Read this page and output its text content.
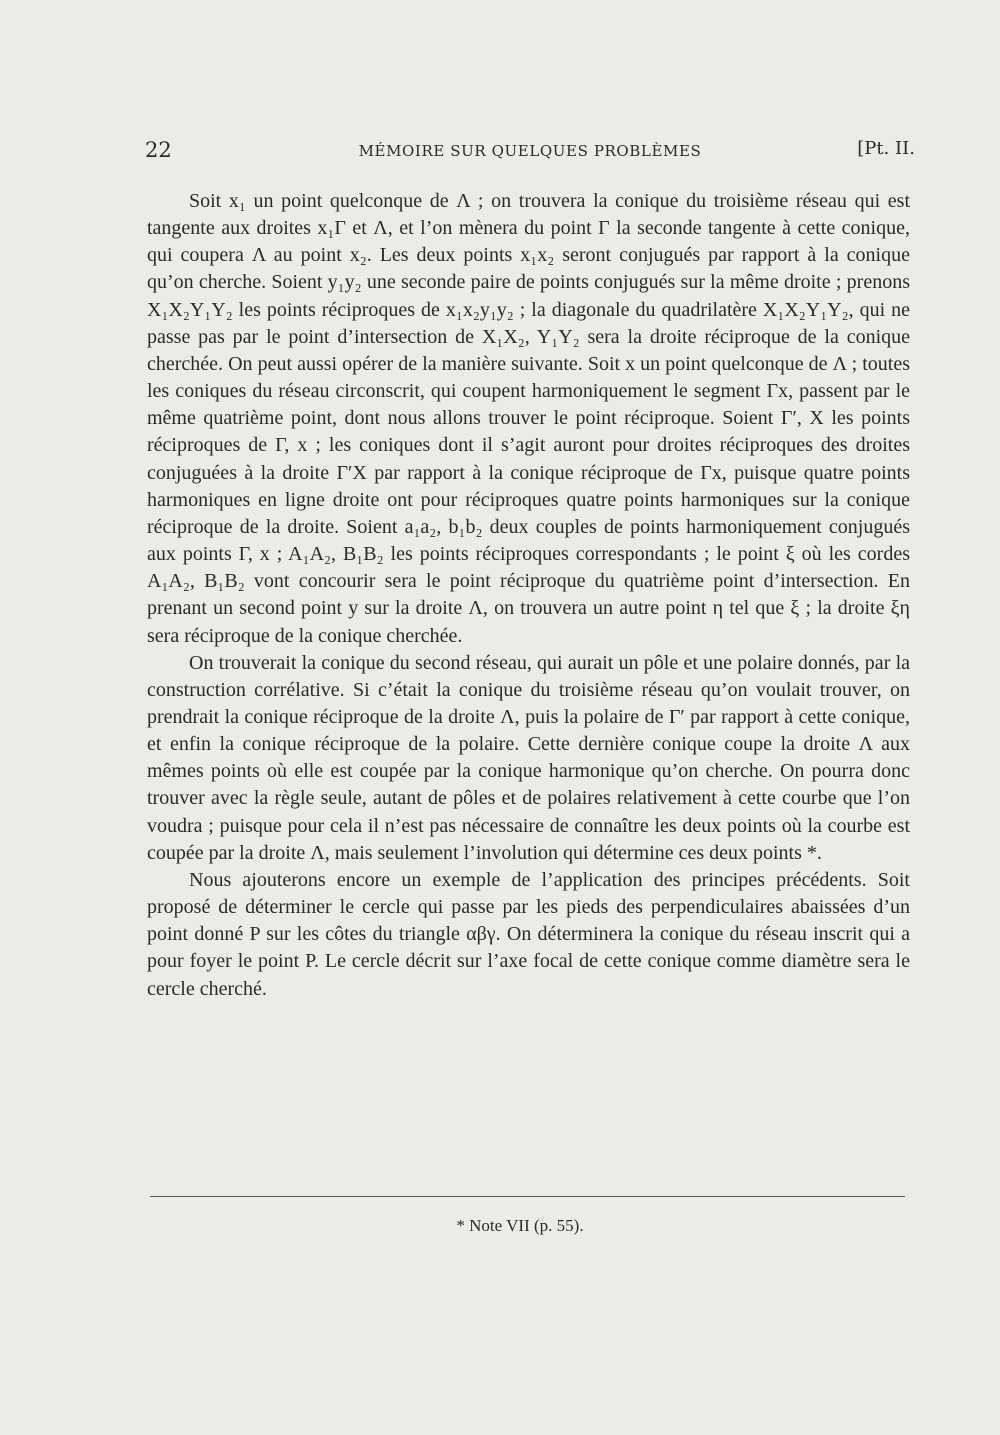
22	MÉMOIRE SUR QUELQUES PROBLÈMES	[Pt. II.

Soit x₁ un point quelconque de Λ ; on trouvera la conique du troisième réseau qui est tangente aux droites x₁Γ et Λ, et l’on mènera du point Γ la seconde tangente à cette conique, qui coupera Λ au point x₂. Les deux points x₁x₂ seront conjugués par rapport à la conique qu’on cherche. Soient y₁y₂ une seconde paire de points conjugués sur la même droite ; prenons X₁X₂Y₁Y₂ les points réciproques de x₁x₂y₁y₂ ; la diagonale du quadrilatère X₁X₂Y₁Y₂, qui ne passe pas par le point d’intersection de X₁X₂, Y₁Y₂ sera la droite réciproque de la conique cherchée. On peut aussi opérer de la manière suivante. Soit x un point quelconque de Λ ; toutes les coniques du réseau circonscrit, qui coupent harmoniquement le segment Γx, passent par le même quatrième point, dont nous allons trouver le point réciproque. Soient Γ′, X les points réciproques de Γ, x ; les coniques dont il s’agit auront pour droites réciproques des droites conjuguées à la droite Γ′X par rapport à la conique réciproque de Γx, puisque quatre points harmoniques en ligne droite ont pour réciproques quatre points harmoniques sur la conique réciproque de la droite. Soient a₁a₂, b₁b₂ deux couples de points harmoniquement conjugués aux points Γ, x ; A₁A₂, B₁B₂ les points réciproques correspondants ; le point ξ où les cordes A₁A₂, B₁B₂ vont concourir sera le point réciproque du quatrième point d’intersection. En prenant un second point y sur la droite Λ, on trouvera un autre point η tel que ξ ; la droite ξη sera réciproque de la conique cherchée.

On trouverait la conique du second réseau, qui aurait un pôle et une polaire donnés, par la construction corrélative. Si c’était la conique du troisième réseau qu’on voulait trouver, on prendrait la conique réciproque de la droite Λ, puis la polaire de Γ′ par rapport à cette conique, et enfin la conique réciproque de la polaire. Cette dernière conique coupe la droite Λ aux mêmes points où elle est coupée par la conique harmonique qu’on cherche. On pourra donc trouver avec la règle seule, autant de pôles et de polaires relativement à cette courbe que l’on voudra ; puisque pour cela il n’est pas nécessaire de connaître les deux points où la courbe est coupée par la droite Λ, mais seulement l’involution qui détermine ces deux points *.

Nous ajouterons encore un exemple de l’application des principes précédents. Soit proposé de déterminer le cercle qui passe par les pieds des perpendiculaires abaissées d’un point donné P sur les côtes du triangle αβγ. On déterminera la conique du réseau inscrit qui a pour foyer le point P. Le cercle décrit sur l’axe focal de cette conique comme diamètre sera le cercle cherché.

* Note VII (p. 55).
